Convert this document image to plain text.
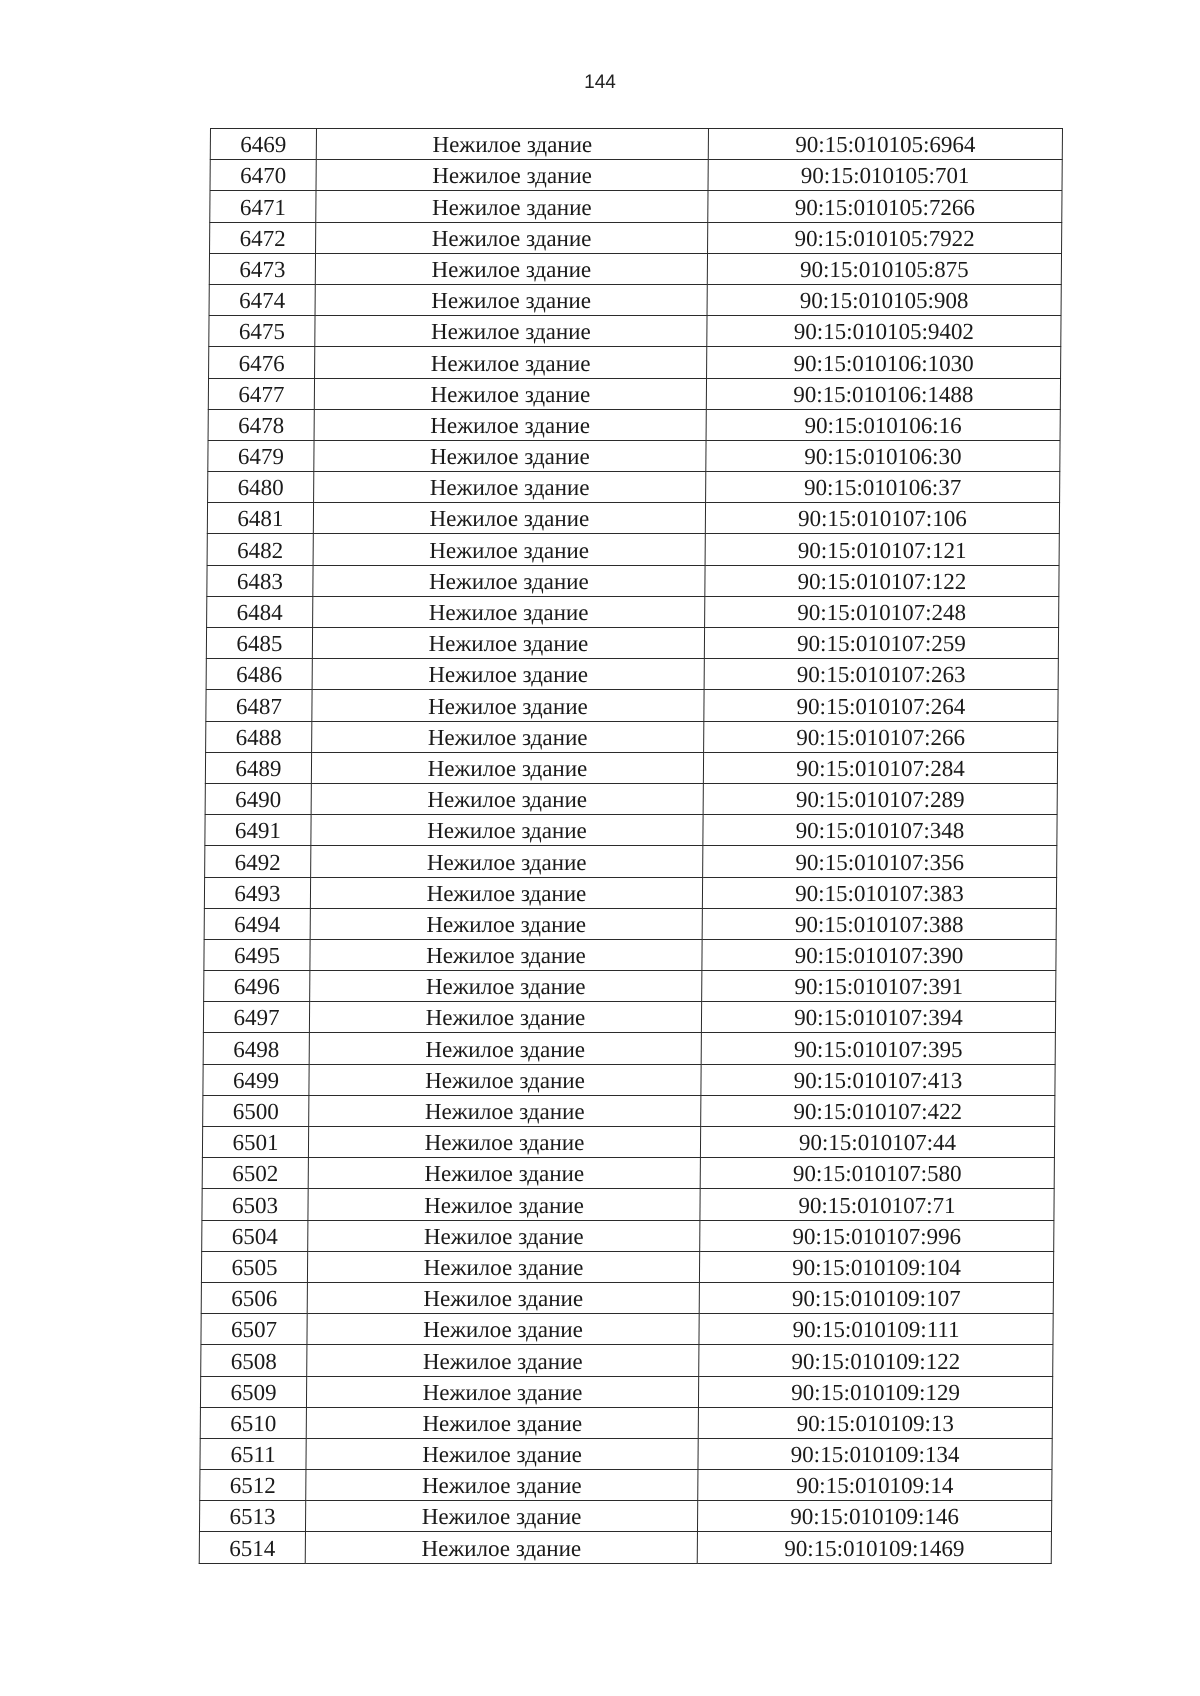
144
6469	Нежилое здание	90:15:010105:6964
6470	Нежилое здание	90:15:010105:701
6471	Нежилое здание	90:15:010105:7266
6472	Нежилое здание	90:15:010105:7922
6473	Нежилое здание	90:15:010105:875
6474	Нежилое здание	90:15:010105:908
6475	Нежилое здание	90:15:010105:9402
6476	Нежилое здание	90:15:010106:1030
6477	Нежилое здание	90:15:010106:1488
6478	Нежилое здание	90:15:010106:16
6479	Нежилое здание	90:15:010106:30
6480	Нежилое здание	90:15:010106:37
6481	Нежилое здание	90:15:010107:106
6482	Нежилое здание	90:15:010107:121
6483	Нежилое здание	90:15:010107:122
6484	Нежилое здание	90:15:010107:248
6485	Нежилое здание	90:15:010107:259
6486	Нежилое здание	90:15:010107:263
6487	Нежилое здание	90:15:010107:264
6488	Нежилое здание	90:15:010107:266
6489	Нежилое здание	90:15:010107:284
6490	Нежилое здание	90:15:010107:289
6491	Нежилое здание	90:15:010107:348
6492	Нежилое здание	90:15:010107:356
6493	Нежилое здание	90:15:010107:383
6494	Нежилое здание	90:15:010107:388
6495	Нежилое здание	90:15:010107:390
6496	Нежилое здание	90:15:010107:391
6497	Нежилое здание	90:15:010107:394
6498	Нежилое здание	90:15:010107:395
6499	Нежилое здание	90:15:010107:413
6500	Нежилое здание	90:15:010107:422
6501	Нежилое здание	90:15:010107:44
6502	Нежилое здание	90:15:010107:580
6503	Нежилое здание	90:15:010107:71
6504	Нежилое здание	90:15:010107:996
6505	Нежилое здание	90:15:010109:104
6506	Нежилое здание	90:15:010109:107
6507	Нежилое здание	90:15:010109:111
6508	Нежилое здание	90:15:010109:122
6509	Нежилое здание	90:15:010109:129
6510	Нежилое здание	90:15:010109:13
6511	Нежилое здание	90:15:010109:134
6512	Нежилое здание	90:15:010109:14
6513	Нежилое здание	90:15:010109:146
6514	Нежилое здание	90:15:010109:1469
